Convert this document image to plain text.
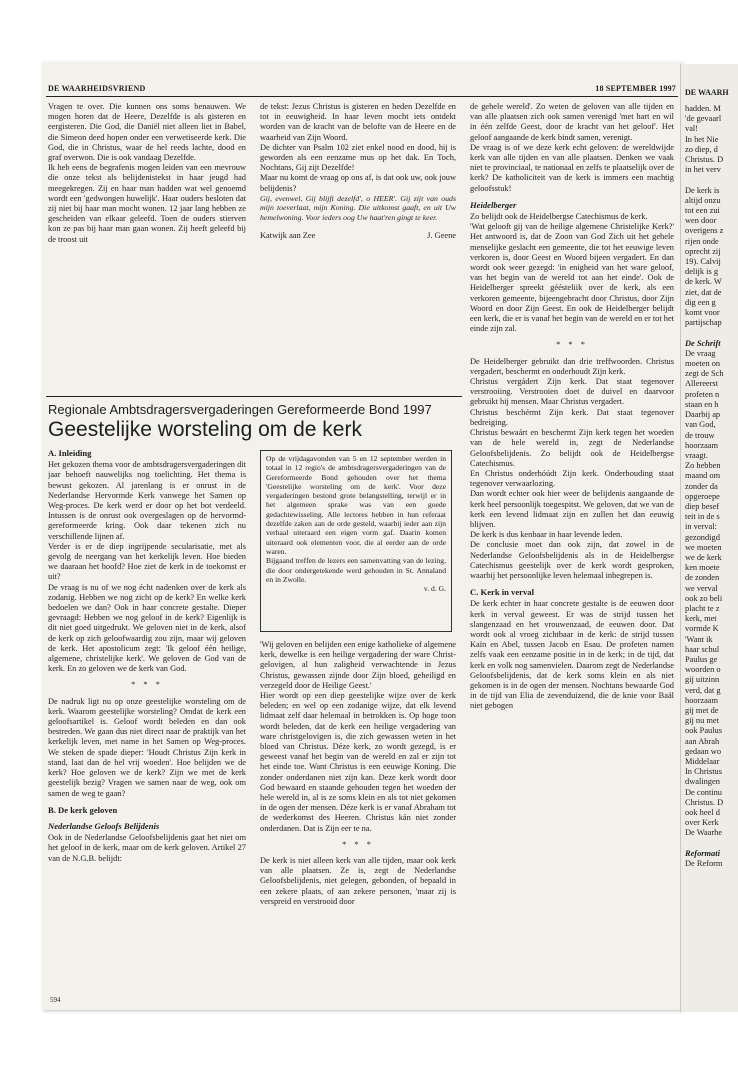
DE WAARHEIDSVRIEND	18 SEPTEMBER 1997

Vragen te over. Die kunnen ons soms benauwen. We mogen horen dat de Heere, Dezelfde is als gisteren en eergisteren. Die God, die Daniël niet alleen liet in Babel, die Simeon deed hopen onder een verwetiseerde kerk. Die God, die in Christus, waar de hel reeds lachte, dood en graf overwon. Die is ook vandaag Dezelfde.

Ik heb eens de begrafenis mogen leiden van een mevrouw die onze tekst als belijdenistekst in haar jeugd had meegekregen. Zij en haar man hadden wat wel genoemd wordt een 'gedwongen huwelijk'. Haar ouders besloten dat zij niet bij haar man mocht wonen. 12 jaar lang hebben ze gescheiden van elkaar geleefd. Toen de ouders stierven kon ze pas bij haar man gaan wonen. Zij heeft geleefd bij de troost uit

de tekst: Jezus Christus is gisteren en heden Dezelfde en tot in eeuwigheid. In haar leven mocht iets ontdekt worden van de kracht van de belofte van de Heere en de waarheid van Zijn Woord.

De dichter van Psalm 102 ziet enkel nood en dood, hij is geworden als een eenzame mus op het dak. En Toch, Nochtans, Gij zijt Dezelfde!

Maar nu komt de vraag op ons af, is dat ook uw, ook jouw belijdenis?

Gij, evenwel, Gij blijft dezelfd', o HEER'. Gij zijt van ouds mijn toeverlaat, mijn Koning. Die uitkomst gaaft, en uit Uw hemelwoning. Voor ieders oog Uw haat'ren gingt te keer.

Katwijk aan Zee	J. Geene

de gehele wereld'. Zo weten de geloven van alle tijden en van alle plaatsen zich ook samen verenigd 'met hart en wil in één zelfde Geest, door de kracht van het geloof'. Het geloof aangaande de kerk bindt samen, verenigt.

De vraag is of we deze kerk echt geloven: de wereldwijde kerk van alle tijden en van alle plaatsen. Denken we vaak niet te provinciaal, te nationaal en zelfs te plaatselijk over de kerk? De katholiciteit van de kerk is immers een machtig geloofsstuk!

Heidelberger

Zo belijdt ook de Heidelbergse Catechismus de kerk.

'Wat gelooft gij van de heilige algemene Christelijke Kerk?' Het antwoord is, dat de Zoon van God Zich uit het gehele menselijke geslacht een gemeente, die tot het eeuwige leven verkoren is, door Geest en Woord bijeen vergadert. En dan wordt ook weer gezegd: 'in enigheid van het ware geloof, van het begin van de wereld tot aan het einde'. Ook de Heidelberger spreekt géésteliik over de kerk, als een verkoren gemeente, bijeengebracht door Christus, door Zijn Woord en door Zijn Geest. En ook de Heidelberger belijdt een kerk, die er is vanaf het begin van de wereld en er tot het einde zijn zal.

* * *

De Heidelberger gebruikt dan drie treffwoorden. Christus vergadert, beschermt en onderhoudt Zijn kerk.

Christus vergádert Zijn kerk. Dat staat tegenover verstrooiing. Verstrooien doet de duivel en daarvoor gebruikt hij mensen. Maar Christus vergadert.

Christus beschérmt Zijn kerk. Dat staat tegenover bedreiging.

Christus bewaárt en beschermt Zijn kerk tegen het woeden van de hele wereld in, zegt de Nederlandse Geloofsbelijdenis. Zo belijdt ook de Heidelbergse Catechismus.

En Christus onderhóúdt Zijn kerk. Onderhouding staat tegenover verwaarlozing.

Dan wordt echter ook hier weer de belijdenis aangaande de kerk heel persoonlijk toegespitst. We geloven, dat we van de kerk een levend lidmaat zijn en zullen het dan eeuwig blijven.

De kerk is dus kenbaar in haar levende leden.

De conclusie moet dan ook zijn, dat zowel in de Nederlandse Geloofsbelijdenis als in de Heidelbergse Catechismus geestelijk over de kerk wordt gesproken, waarbij het persoonlijke leven helemaal inbegrepen is.

C. Kerk in verval

De kerk echter in haar concrete gestalte is de eeuwen door kerk in verval geweest. Er was de strijd tussen het slangenzaad en het vrouwenzaad, de eeuwen door. Dat wordt ook al vroeg zichtbaar in de kerk: de strijd tussen Kaïn en Abel, tussen Jacob en Esau. De profeten namen zelfs vaak een eenzame positie in in de kerk; in de tijd, dat kerk en volk nog samenvielen. Daarom zegt de Nederlandse Geloofsbelijdenis, dat de kerk soms klein en als niet gekomen is in de ogen der mensen. Nochtans bewaarde God in de tijd van Elia de zevenduizend, die de knie voor Baäl niet gebogen

Regionale Ambtsdragersvergaderingen Gereformeerde Bond 1997
Geestelijke worsteling om de kerk
A. Inleiding

Het gekozen thema voor de ambtsdragersvergaderingen dit jaar behoeft nauwelijks nog toelichting. Het thema is bewust gekozen. Al jarenlang is er onrust in de Nederlandse Hervormde Kerk vanwege het Samen op Weg-proces. De kerk werd er door op het bot verdeeld. Intussen is de onrust ook overgeslagen op de hervormd-gereformeerde kring. Ook daar tekenen zich nu verschillende lijnen af.

Verder is er de diep ingrijpende secularisatie, met als gevolg de neergang van het kerkelijk leven. Hoe bieden we daaraan het hoofd? Hoe ziet de kerk in de toekomst er uit?

De vraag is nu of we nog écht nadenken over de kerk als zodanig. Hebben we nog zicht op de kerk? En welke kerk bedoelen we dan? Ook in haar concrete gestalte. Dieper gevraagd: Hebben we nog geloof in de kerk? Eigenlijk is dit niet goed uitgedrukt. We geloven niet in de kerk, alsof de kerk op zich geloofwaardig zou zijn, maar wij geloven de kerk. Het apostolicum zegt: 'Ik geloof één heilige, algemene, christelijke kerk'. We geloven de God van de kerk. En zo geloven we de kerk van God.

* * *

De nadruk ligt nu op onze geestelijke worsteling om de kerk. Waarom geestelijke worsteling? Omdat de kerk een geloofsartikel is. Geloof wordt beleden en dan ook bestreden. We gaan dus niet direct naar de praktijk van het kerkelijk leven, met name in het Samen op Weg-proces. We steken de spade dieper: 'Houdt Christus Zijn kerk in stand, laat dan de hel vrij woeden'. Hoe belijden we de kerk? Hoe geloven we de kerk? Zijn we met de kerk geestelijk bezig? Vragen we samen naar de weg, ook om samen de weg te gaan?

B. De kerk geloven
Nederlandse Geloofs Belijdenis

Ook in de Nederlandse Geloofsbelijdenis gaat het niet om het geloof in de kerk, maar om de kerk geloven. Artikel 27 van de N.G.B. belijdt:

Op de vrijdagavonden van 5 en 12 september werden in totaal in 12 regio's de ambtsdragersvergaderingen van de Gereformeerde Bond gehouden over het thema 'Geestelijke worsteling om de kerk'. Voor deze vergaderingen bestond grote belangstelling, terwijl er in het algemeen sprake was van een goede gedachtewisseling. Alle lectores hebben in hun referaat dezelfde zaken aan de orde gesteld, waarbij ieder aan zijn verhaal uiteraard een eigen vorm gaf. Daarin komen uiteraard ook elementen voor, die al eerder aan de orde waren.

Bijgaand treffen de lezers een samenvatting van de lezing, die door ondergetekende werd gehouden in St. Annaland en in Zwolle.

v. d. G.

'Wij geloven en belijden een enige katholieke of algemene kerk, dewelke is een heilige vergadering der ware Christ-gelovigen, al hun zaligheid verwachtende in Jezus Christus, gewassen zijnde door Zijn bloed, geheiligd en verzegeld door de Heilige Geest.'

Hier wordt op een diep geestelijke wijze over de kerk beleden; en wel op een zodanige wijze, dat elk levend lidmaat zelf daar helemaal in betrokken is. Op hoge toon wordt beleden, dat de kerk een heilige vergadering van ware christgelovigen is, die zich gewassen weten in het bloed van Christus. Déze kerk, zo wordt gezegd, is er geweest vanaf het begin van de wereld en zal er zijn tot het einde toe. Want Christus is een eeuwige Koning. Die zonder onderdanen niet zijn kan. Deze kerk wordt door God bewaard en staande gehouden tegen het woeden der hele wereld in, al is ze soms klein en als tot niet gekomen in de ogen der mensen. Déze kerk is er vanaf Abraham tot de wederkomst des Heeren. Christus kán niet zonder onderdanen. Dat is Zijn eer te na.

* * *

De kerk is niet alleen kerk van alle tijden, maar ook kerk van alle plaatsen. Ze is, zegt de Nederlandse Geloofsbelijdenis, niet gelegen, gebonden, of bepaald in een zekere plaats, of aan zekere personen, 'maar zij is verspreid en verstrooid door

594
DE WAARH
hadden. M
'de gevaarl
val!
In het Nie
zo diep, d
Christus. D
in het verv

De kerk is
altijd onzu
tot een zui
wen door
overigens z
rijen onde
oprecht zij
19). Calvij
delijk is g
de kerk. W
ziet, dat de
dig een g
komt voor
partijschap

De Schrift
De vraag
moeten on
zegt de Sch
Allereerst
profeten n
staan en h
Daarbij ap
van God,
de trouw
hoorzaam
vraagt.
Zo hebben
maand om
zonder da
opgeroepe
diep besef
teit in de s
in verval:
gezondigd
we moeten
we de kerk
ken moete
de zonden
we verval
ook zo beli
placht te z
kerk, met
vormde K
'Want ik
haar schul
Paulus ge
woorden o
gij uitzinn
verd, dat g
hoorzaam
gij met de
gij nu met
ook Paulus
aan Abrah
gedaan wo
Middelaar
In Christus
dwalingen
De continu
Christus. D
ook heel d
over Kerk
De Waarhe

Reformati
De Reform
